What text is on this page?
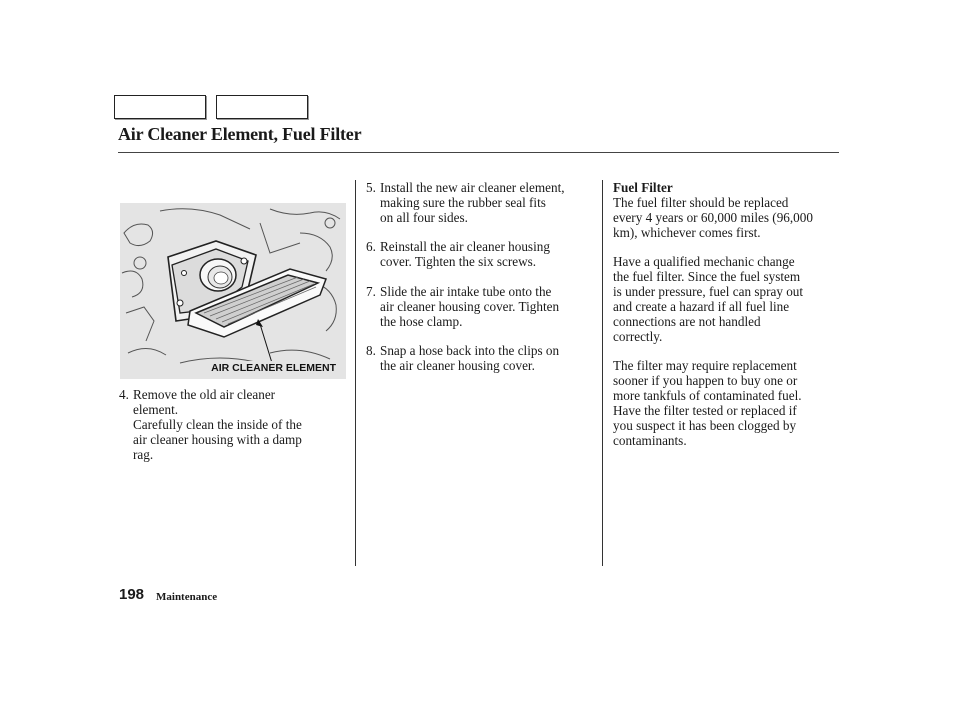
Air Cleaner Element, Fuel Filter
AIR CLEANER ELEMENT
4. Remove the old air cleaner
element.
Carefully clean the inside of the
air cleaner housing with a damp
rag.
5. Install the new air cleaner element,
making sure the rubber seal fits
on all four sides.
6. Reinstall the air cleaner housing
cover. Tighten the six screws.
7. Slide the air intake tube onto the
air cleaner housing cover. Tighten
the hose clamp.
8. Snap a hose back into the clips on
the air cleaner housing cover.
Fuel Filter
The fuel filter should be replaced
every 4 years or 60,000 miles (96,000
km), whichever comes first.
Have a qualified mechanic change
the fuel filter. Since the fuel system
is under pressure, fuel can spray out
and create a hazard if all fuel line
connections are not handled
correctly.
The filter may require replacement
sooner if you happen to buy one or
more tankfuls of contaminated fuel.
Have the filter tested or replaced if
you suspect it has been clogged by
contaminants.
198 Maintenance
